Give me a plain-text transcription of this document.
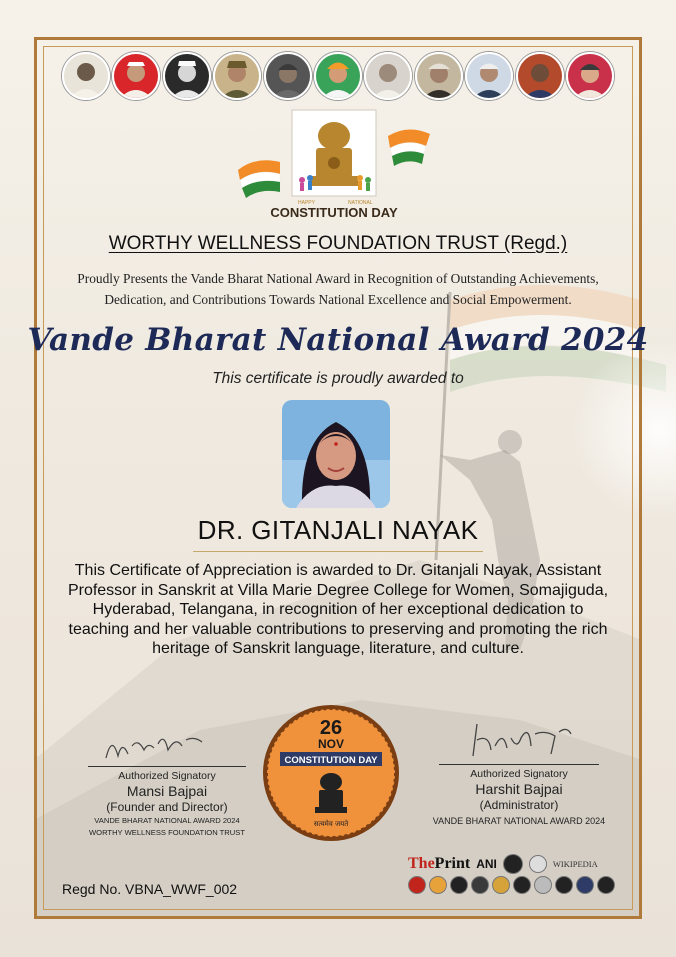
HAPPY	NATIONAL
CONSTITUTION DAY
WORTHY WELLNESS FOUNDATION TRUST (Regd.)
Proudly Presents the Vande Bharat National Award in Recognition of Outstanding Achievements, Dedication, and Contributions Towards National Excellence and Social Empowerment.
Vande Bharat National Award 2024
This certificate is proudly awarded to
DR. GITANJALI NAYAK
This Certificate of Appreciation is awarded to Dr. Gitanjali Nayak, Assistant Professor in Sanskrit at Villa Marie Degree College for Women, Somajiguda, Hyderabad, Telangana, in recognition of her exceptional dedication to teaching and her valuable contributions to preserving and promoting the rich heritage of Sanskrit language, literature, and culture.
Authorized Signatory
Mansi Bajpai
(Founder and Director)
VANDE BHARAT NATIONAL AWARD 2024
WORTHY WELLNESS FOUNDATION TRUST
26
NOV
CONSTITUTION DAY
सत्यमेव जयते
Authorized Signatory
Harshit Bajpai
(Administrator)
VANDE BHARAT NATIONAL AWARD 2024
Regd No. VBNA_WWF_002
ThePrint ANI	WIKIPEDIA
